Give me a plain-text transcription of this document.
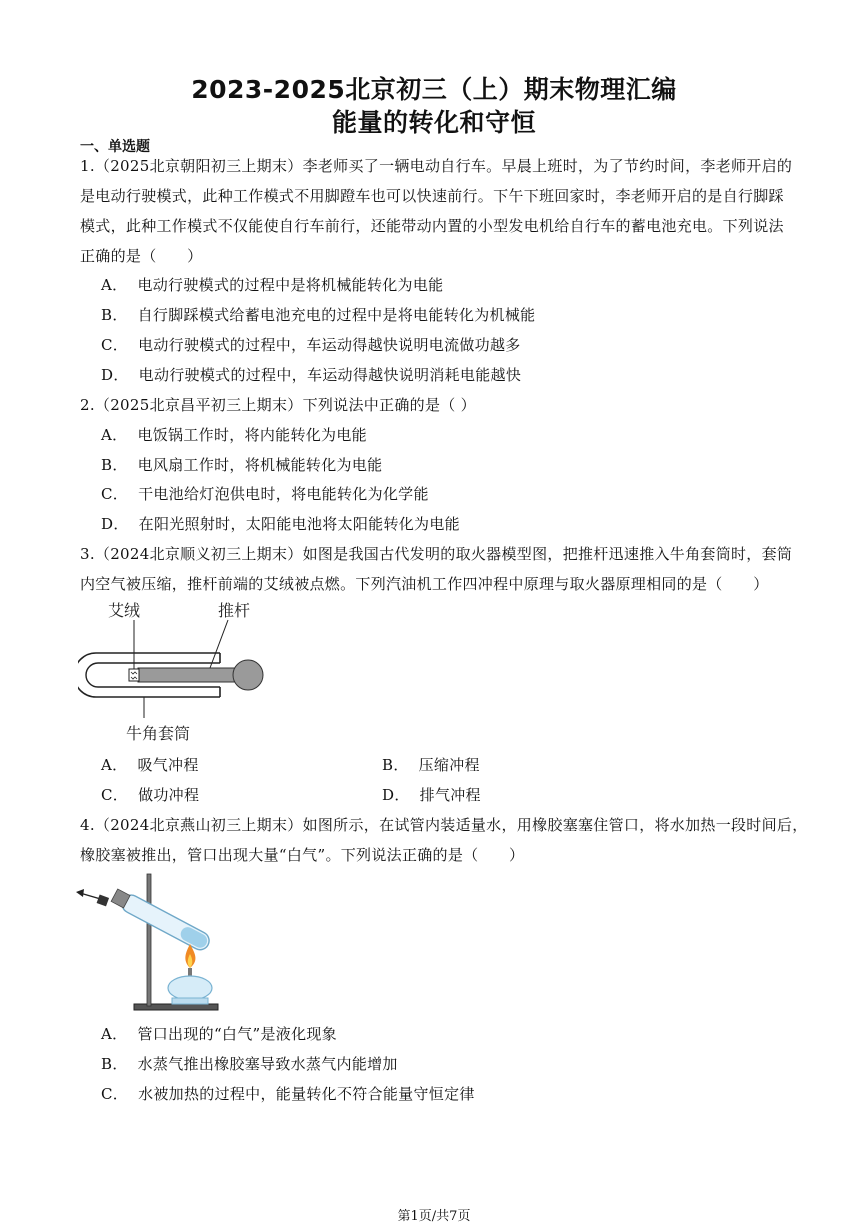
2023-2025北京初三（上）期末物理汇编
能量的转化和守恒
一、单选题
1.（2025北京朝阳初三上期末）李老师买了一辆电动自行车。早晨上班时，为了节约时间，李老师开启的
是电动行驶模式，此种工作模式不用脚蹬车也可以快速前行。下午下班回家时，李老师开启的是自行脚踩
模式，此种工作模式不仅能使自行车前行，还能带动内置的小型发电机给自行车的蓄电池充电。下列说法
正确的是（　　）
A． 电动行驶模式的过程中是将机械能转化为电能
B． 自行脚踩模式给蓄电池充电的过程中是将电能转化为机械能
C． 电动行驶模式的过程中，车运动得越快说明电流做功越多
D． 电动行驶模式的过程中，车运动得越快说明消耗电能越快
2.（2025北京昌平初三上期末）下列说法中正确的是（ ）
A． 电饭锅工作时，将内能转化为电能
B． 电风扇工作时，将机械能转化为电能
C． 干电池给灯泡供电时，将电能转化为化学能
D． 在阳光照射时，太阳能电池将太阳能转化为电能
3.（2024北京顺义初三上期末）如图是我国古代发明的取火器模型图，把推杆迅速推入牛角套筒时，套筒
内空气被压缩，推杆前端的艾绒被点燃。下列汽油机工作四冲程中原理与取火器原理相同的是（　　）
艾绒	推杆
牛角套筒
A． 吸气冲程	B． 压缩冲程
C． 做功冲程	D． 排气冲程
4.（2024北京燕山初三上期末）如图所示，在试管内装适量水，用橡胶塞塞住管口，将水加热一段时间后，
橡胶塞被推出，管口出现大量“白气”。下列说法正确的是（　　）
A． 管口出现的“白气”是液化现象
B． 水蒸气推出橡胶塞导致水蒸气内能增加
C． 水被加热的过程中，能量转化不符合能量守恒定律
第1页/共7页
